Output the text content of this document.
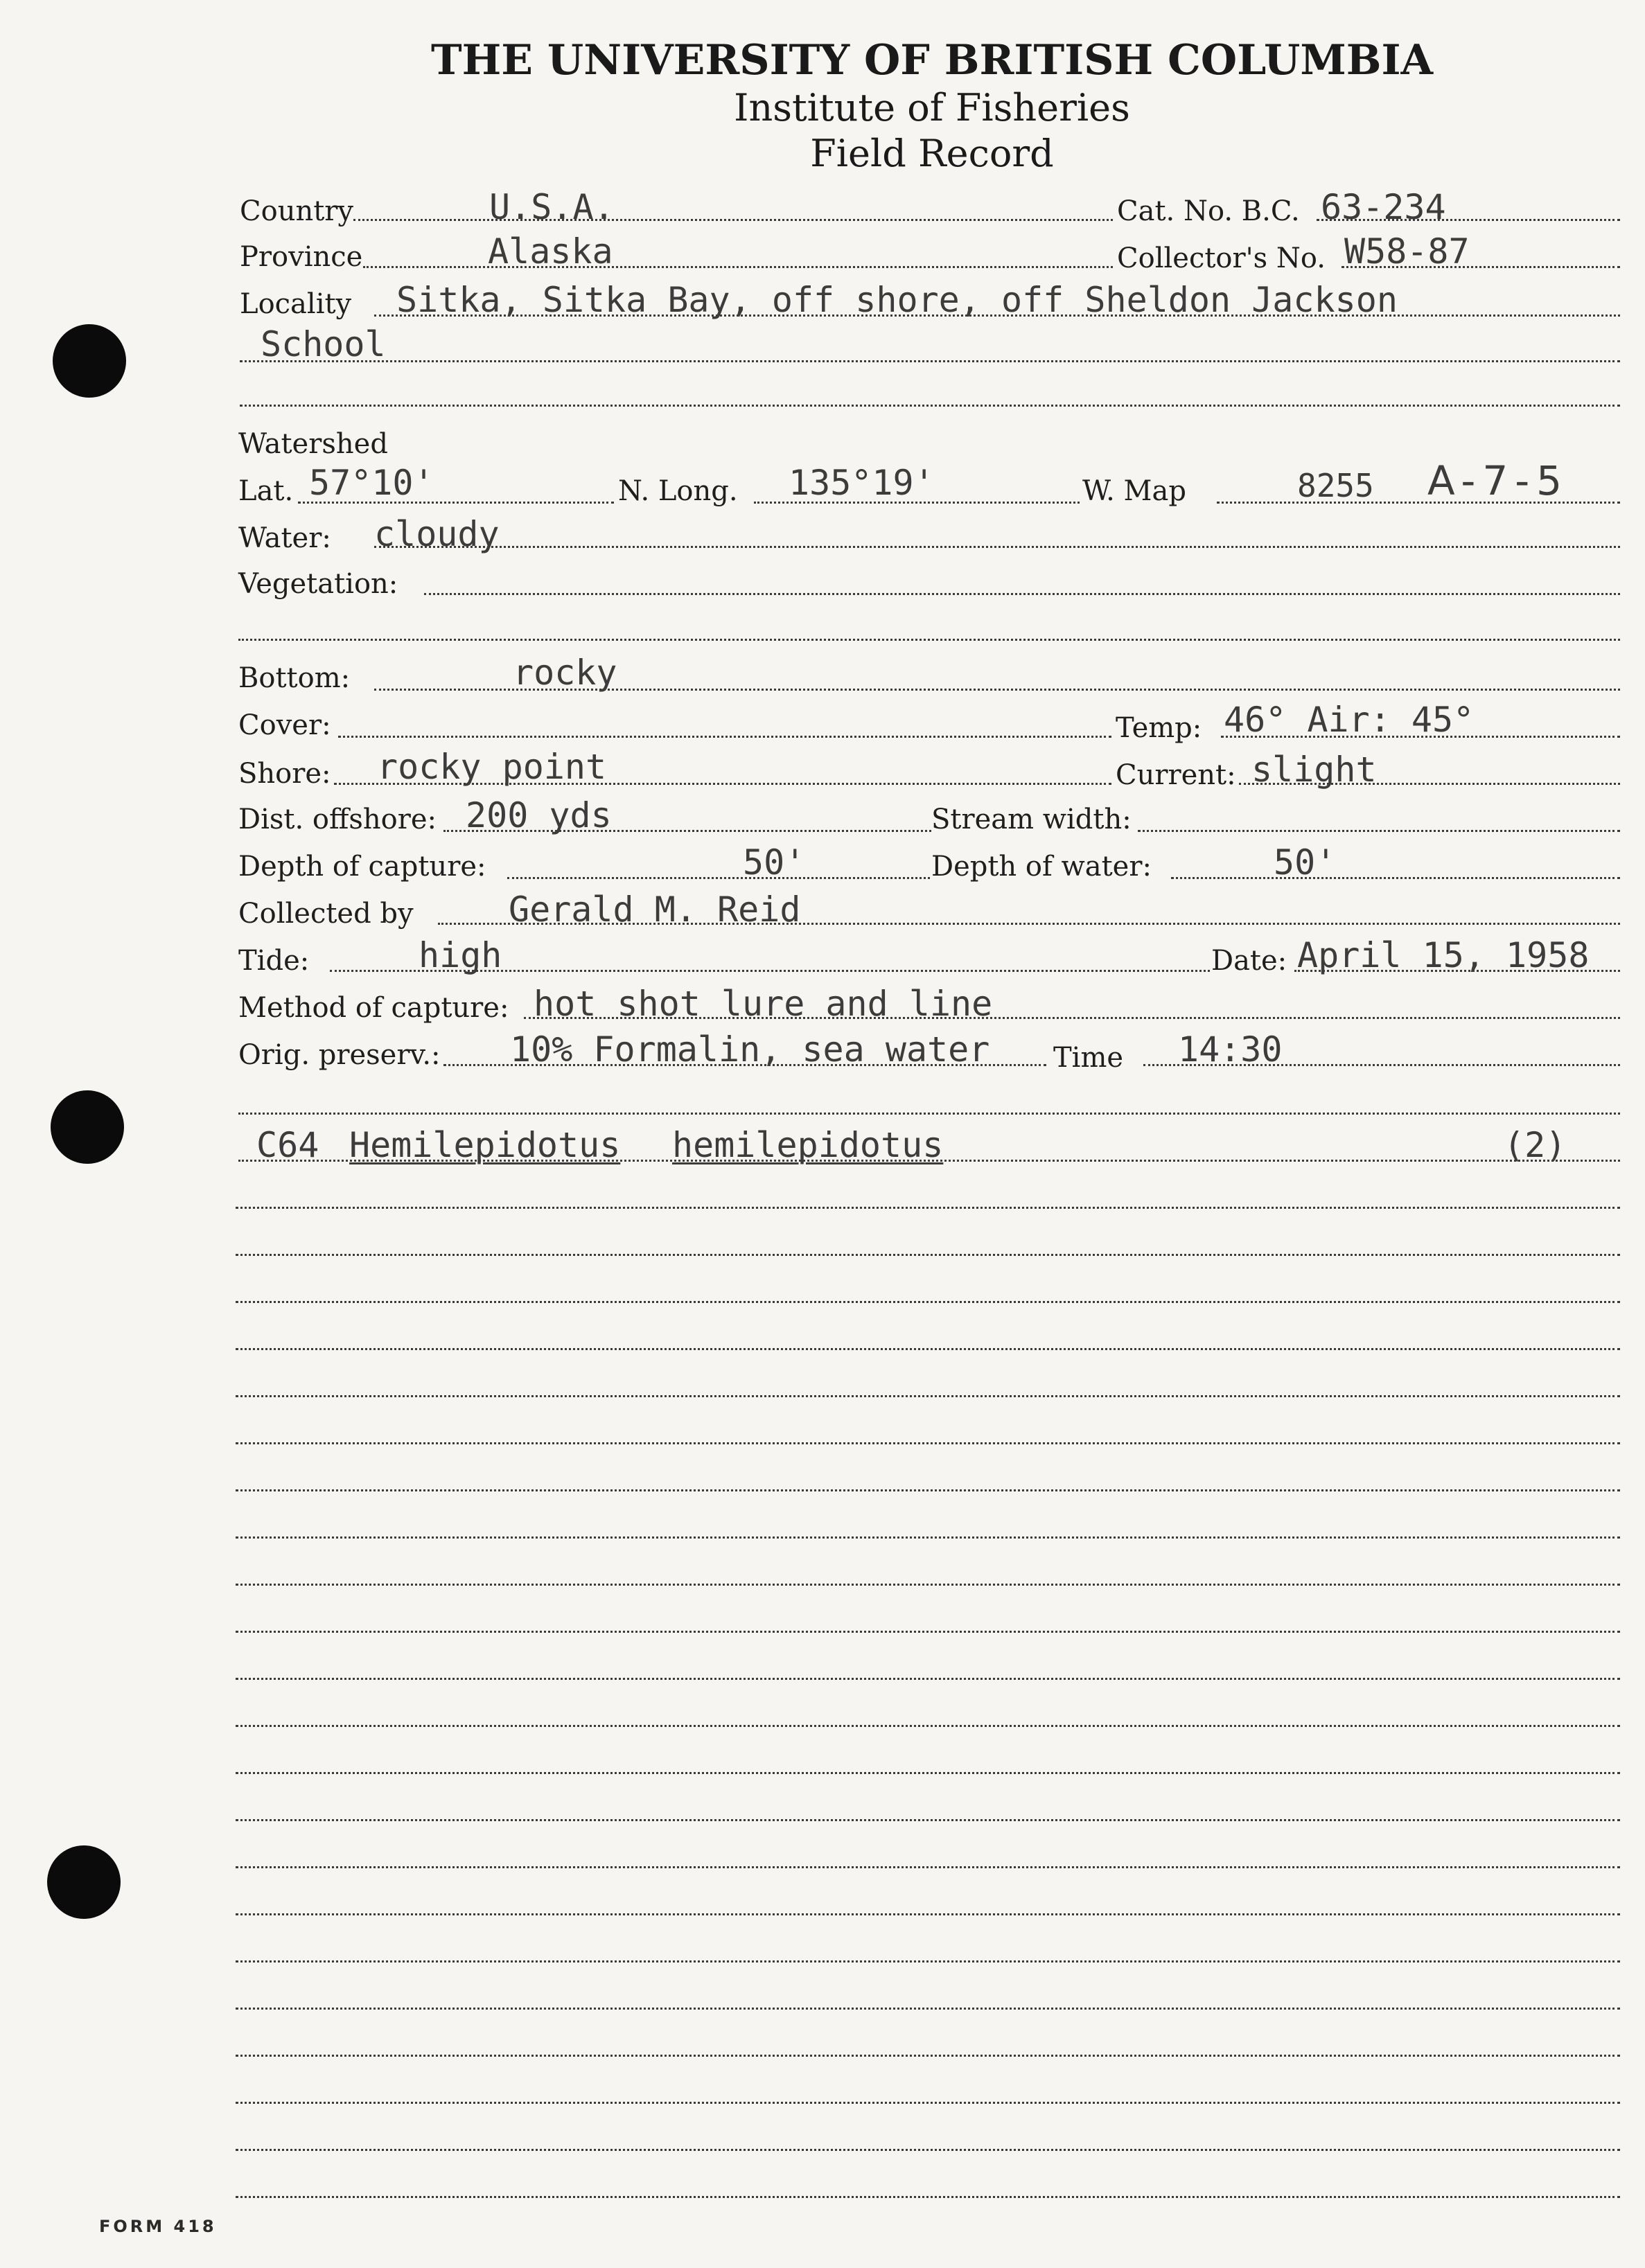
THE UNIVERSITY OF BRITISH COLUMBIA
Institute of Fisheries
Field Record
Country	U.S.A.	Cat. No. B.C. 63-234
Province	Alaska	Collector's No. W58-87
Locality Sitka, Sitka Bay, off shore, off Sheldon Jackson
School
Watershed
Lat. 57°10'	N. Long. 135°19'	W. Map	8255 A-7-5
Water: cloudy
Vegetation:
Bottom:	rocky
Cover:	Temp: 46° Air: 45°
Shore: rocky point	Current: slight
Dist. offshore: 200 yds	Stream width:
Depth of capture:	50'	Depth of water:	50'
Collected by	Gerald M. Reid
Tide:	high	Date: April 15, 1958
Method of capture: hot shot lure and line
Orig. preserv.: 10% Formalin, sea water Time 14:30
C64 Hemilepidotus hemilepidotus	(2)
FORM 418
